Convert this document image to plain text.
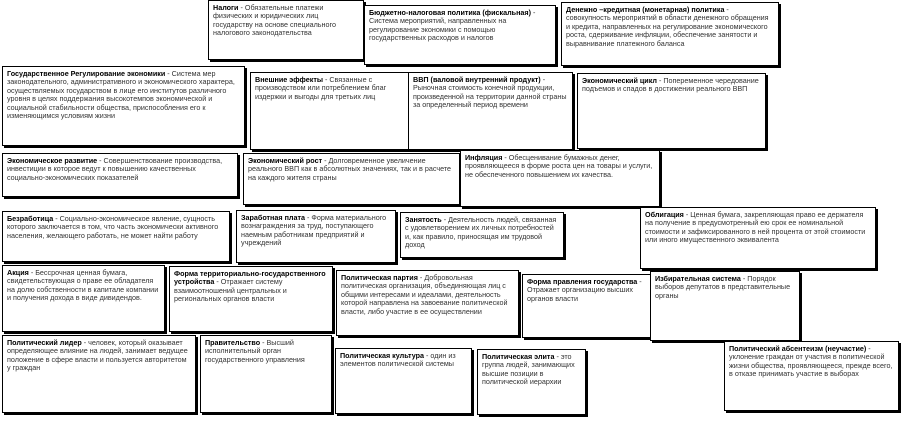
Налоги - Обязательные платежи физических и юридических лиц государству на основе специального налогового законодательства
Бюджетно-налоговая политика (фискальная) - Система мероприятий, направленных на регулирование экономики с помощью государственных расходов и налогов
Денежно –кредитная (монетарная) политика - совокупность мероприятий в области денежного обращения и кредита, направленных на регулирование экономического роста, сдерживание инфляции, обеспечение занятости и выравнивание платежного баланса
Государственное Регулирование экономики - Система мер законодательного, административного и экономического характера, осуществляемых государством в лице его институтов различного уровня в целях поддержания высокотемпов экономической и социальной стабильности общества, приспособления его к изменяющимся условиям жизни
Внешние эффекты - Связанные с производством или потреблением благ издержки и выгоды для третьих лиц
ВВП (валовой внутренний продукт) - Рыночная стоимость конечной продукции, произведенной на территории данной страны за определенный период времени
Экономический цикл - Попеременное чередование подъемов и спадов в достижении реального ВВП
Экономическое развитие - Совершенствование производства, инвестиции в которое ведут к повышению качественных социально-экономических показателей
Экономический рост - Долговременное увеличение реального ВВП как в абсолютных значениях, так и в расчете на каждого жителя страны
Инфляция - Обесценивание бумажных денег, проявляющееся в форме роста цен на товары и услуги, не обеспеченного повышением их качества.
Безработица - Социально-экономическое явление, сущность которого заключается в том, что часть экономически активного населения, желающего работать, не может найти работу
Заработная плата - Форма материального вознаграждения за труд, поступающего наемным работникам предприятий и учреждений
Занятость - Деятельность людей, связанная с удовлетворением их личных потребностей и, как правило, приносящая им трудовой доход
Облигация - Ценная бумага, закрепляющая право ее держателя на получение в предусмотренный ею срок ее номинальной стоимости и зафиксированного в ней процента от этой стоимости или иного имущественного эквивалента
Акция - Бессрочная ценная бумага, свидетельствующая о праве ее обладателя на долю собственности в капитале компании и получения дохода в виде дивидендов.
Форма территориально-государственного устройства - Отражает систему взаимоотношений центральных и региональных органов власти
Политическая партия - Добровольная политическая организация, объединяющая лиц с общими интересами и идеалами, деятельность которой направлена на завоевание политической власти, либо участие в ее осуществлении
Форма правления государства - Отражает организацию высших органов власти
Избирательная система - Порядок выборов депутатов в представительные органы
Политический лидер - человек, который оказывает определяющее влияние на людей, занимает ведущее положение в сфере власти и пользуется авторитетом у граждан
Правительство - Высший исполнительный орган государственного управления	Политическая культура - один из элементов политической системы
Политическая элита - это группа людей, занимающих высшие позиции в политической иерархии
Политический абсентеизм (неучастие) - уклонение граждан от участия в политической жизни общества, проявляющееся, прежде всего, в отказе принимать участие в выборах
